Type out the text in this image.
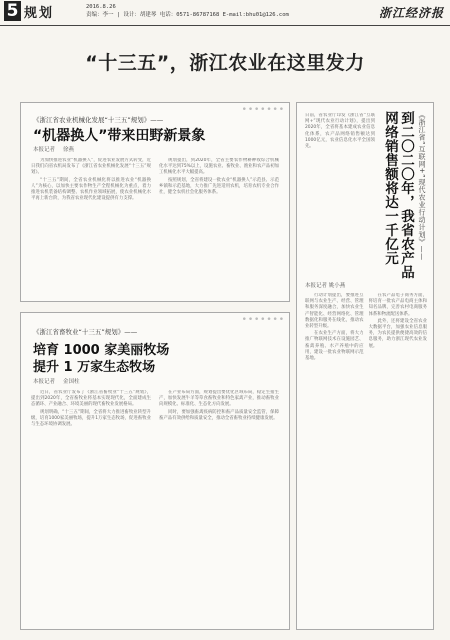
5 规划	2016.8.26
责编：李一 | 设计：胡建琴 电话：0571-86787168 E-mail:bhu01@126.com	浙江经济报
“十三五”，浙江农业在这里发力
• • • • • • •
《浙江省农业机械化发展“十三五”规划》——
“机器换人”带来田野新景象
本报记者 徐燕

为加快推进农业“机器换人”，促进农业发展方式转变，近日我们向省农机局发布了《浙江省农业机械化发展“十三五”规划》。

“十三五”期间，全省农业机械化将以推进农业“机器换人”为核心，以加快主要农作物生产全程机械化为重点，着力推进农机装备结构调整、农机作业领域拓展，使农业机械化水平再上新台阶，为我省农业现代化建设提供有力支撑。

规划提出，到2020年，全省主要农作物耕种收综合机械化水平达到75%以上，设施农业、畜牧业、渔业和农产品初加工机械化水平大幅提高。

按照规划，全省将建设一批农业“机器换人”示范县、示范乡镇和示范基地，大力推广先进适用农机，培育农机专业合作社，健全农机社会化服务体系。

• • • • • • •
《浙江省畜牧业“十三五”规划》——
培育 1000 家美丽牧场
提升 1 万家生态牧场
本报记者 金国柱

近日，省农业厅发布了《浙江省畜牧业“十三五”规划》，提出到2020年，全省畜牧业将基本实现现代化，全面建成生态循环、产业融合、环境美丽的现代畜牧业发展格局。

规划明确，“十三五”期间，全省将大力推进畜牧业转型升级，培育1000家美丽牧场，提升1万家生态牧场，促进畜牧业与生态环境协调发展。

在产业布局方面，规划提出要优化区域布局，稳定生猪生产，加快发展牛羊等草食畜牧业和特色家禽产业，推动畜牧业向规模化、标准化、生态化方向发展。

同时，要加强畜禽疫病防控和畜产品质量安全监管，保障畜产品有效供给和质量安全，推动全省畜牧业持续健康发展。

日前，省农业厅印发《浙江省“互联网+”现代农业行动计划》，提出到2020年，全省将基本建成农业信息化体系，农产品网络销售额达到1000亿元，农业信息化水平全国领先。	《浙江省“互联网+”现代农业行动计划》——
到二〇二〇年，我省农产品网络销售额将达一千亿元
本报记者 姚小燕

行动计划提出，要推进互联网与农业生产、经营、管理和服务深度融合，加快农业生产智能化、经营网络化、管理数据化和服务在线化，推动农业转型升级。

在农业生产方面，将大力推广物联网技术在设施园艺、畜禽养殖、水产养殖中的应用，建设一批农业物联网示范基地。

在农产品电子商务方面，将培育一批农产品电商主体和知名品牌，完善农村电商服务体系和物流配送体系。

此外，还将建设全省农业大数据平台，加强农业信息服务，为农民提供便捷高效的信息服务，助力浙江现代农业发展。
